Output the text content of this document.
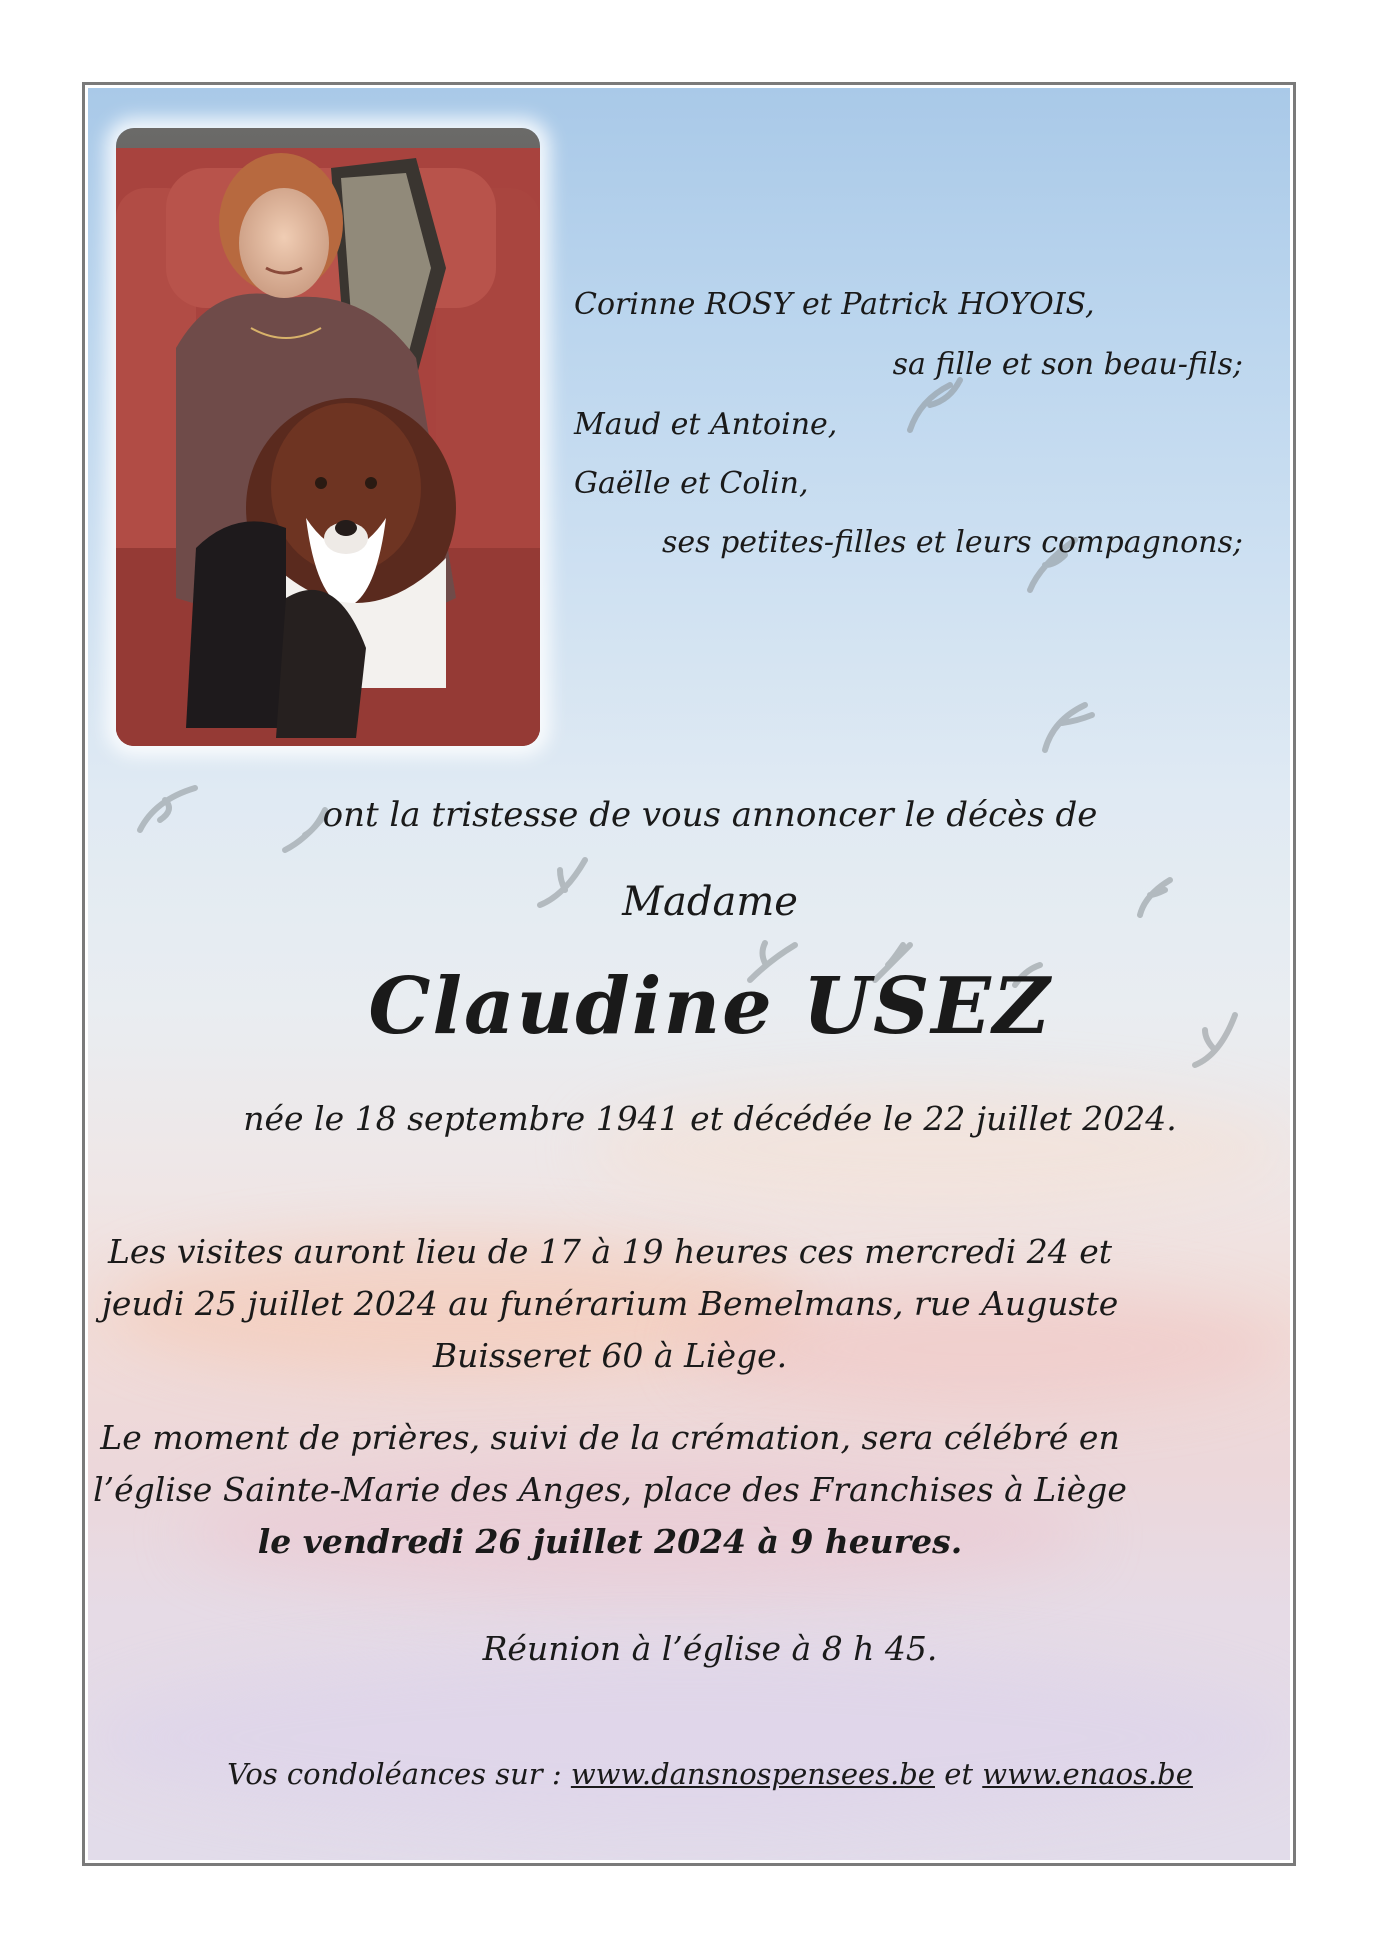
Corinne ROSY et Patrick HOYOIS,

sa fille et son beau-fils;

Maud et Antoine,

Gaëlle et Colin,

ses petites-filles et leurs compagnons;

ont la tristesse de vous annoncer le décès de

Madame

Claudine USEZ

née le 18 septembre 1941 et décédée le 22 juillet 2024.

Les visites auront lieu de 17 à 19 heures ces mercredi 24 et
jeudi 25 juillet 2024 au funérarium Bemelmans, rue Auguste
Buisseret 60 à Liège.
Le moment de prières, suivi de la crémation, sera célébré en
l’église Sainte-Marie des Anges, place des Franchises à Liège
le vendredi 26 juillet 2024 à 9 heures.

Réunion à l’église à 8 h 45.

Vos condoléances sur : www.dansnospensees.be et www.enaos.be
